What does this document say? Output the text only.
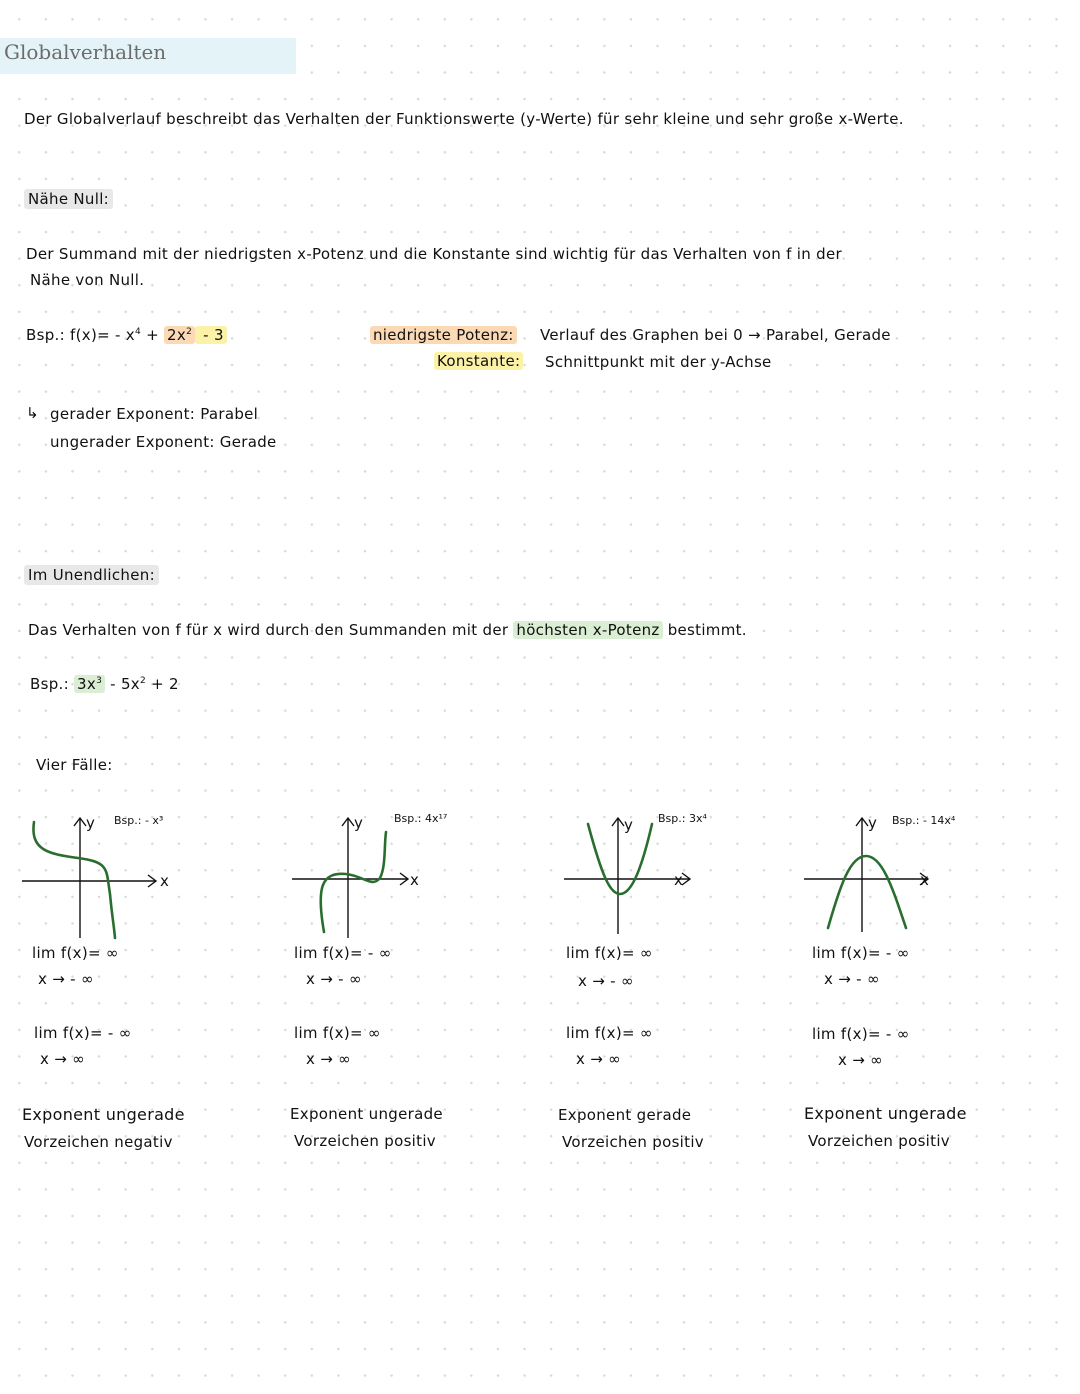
Globalverhalten
Der Globalverlauf beschreibt das Verhalten der Funktionswerte (y-Werte) für sehr kleine und sehr große x-Werte.
Nähe Null:
Der Summand mit der niedrigsten x-Potenz und die Konstante sind wichtig für das Verhalten von f in der
Nähe von Null.
Bsp.: $f(x)= - x^4 + 2x^2 - 3$	niedrigste Potenz: Verlauf des Graphen bei 0 → Parabel, Gerade
Konstante: Schnittpunkt mit der y-Achse
↳ gerader Exponent: Parabel
ungerader Exponent: Gerade
Im Unendlichen:
Das Verhalten von f für x wird durch den Summanden mit der höchsten x-Potenz bestimmt.
Bsp.: $3x^3 - 5x^2 + 2$
Vier Fälle:
x
y Bsp.: - x³
x
y	Bsp.: 4x¹⁷
x
y Bsp.: 3x⁴
x
y Bsp.: - 14x⁴
lim f(x)= ∞
x → - ∞
lim f(x)= - ∞
x → ∞
Exponent ungerade
Vorzeichen negativ
lim f(x)= - ∞
x → - ∞
lim f(x)= ∞
x → ∞
Exponent ungerade
Vorzeichen positiv
lim f(x)= ∞
x → - ∞
lim f(x)= ∞
x → ∞
Exponent gerade
Vorzeichen positiv
lim f(x)= - ∞
x → - ∞
lim f(x)= - ∞
x → ∞
Exponent ungerade
Vorzeichen positiv
